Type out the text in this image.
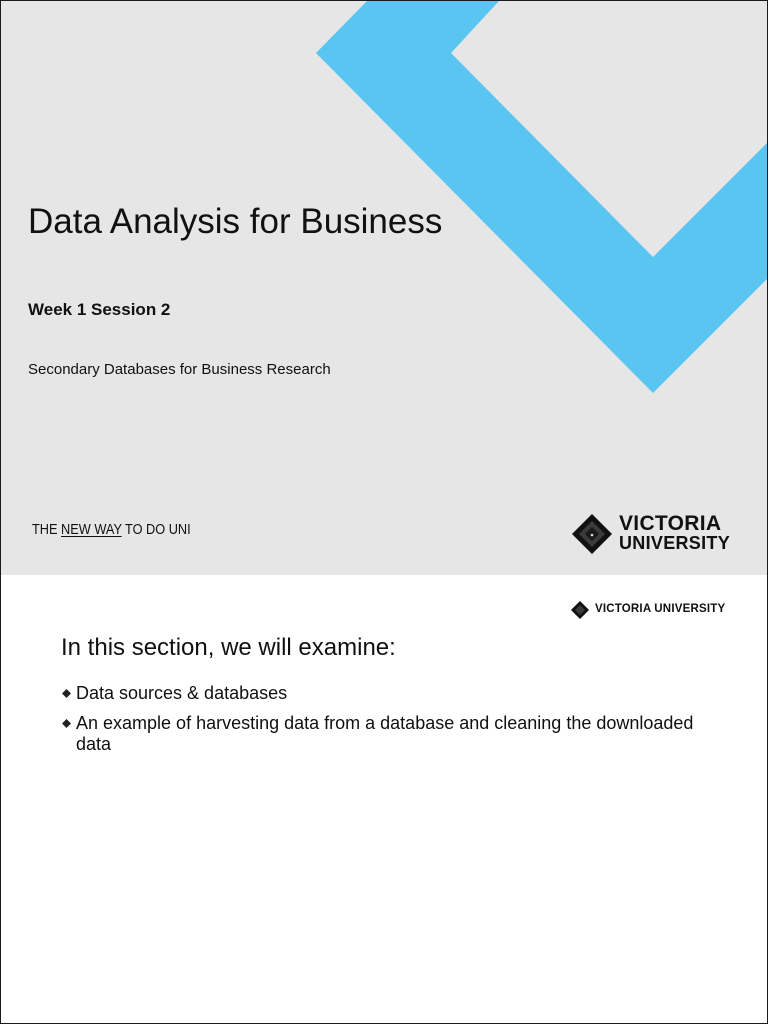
Data Analysis for Business
Week 1 Session 2
Secondary Databases for Business Research
THE NEW WAY TO DO UNI	VICTORIA
UNIVERSITY
VICTORIA UNIVERSITY
In this section, we will examine:
Data sources & databases
An example of harvesting data from a database and cleaning the downloaded data
